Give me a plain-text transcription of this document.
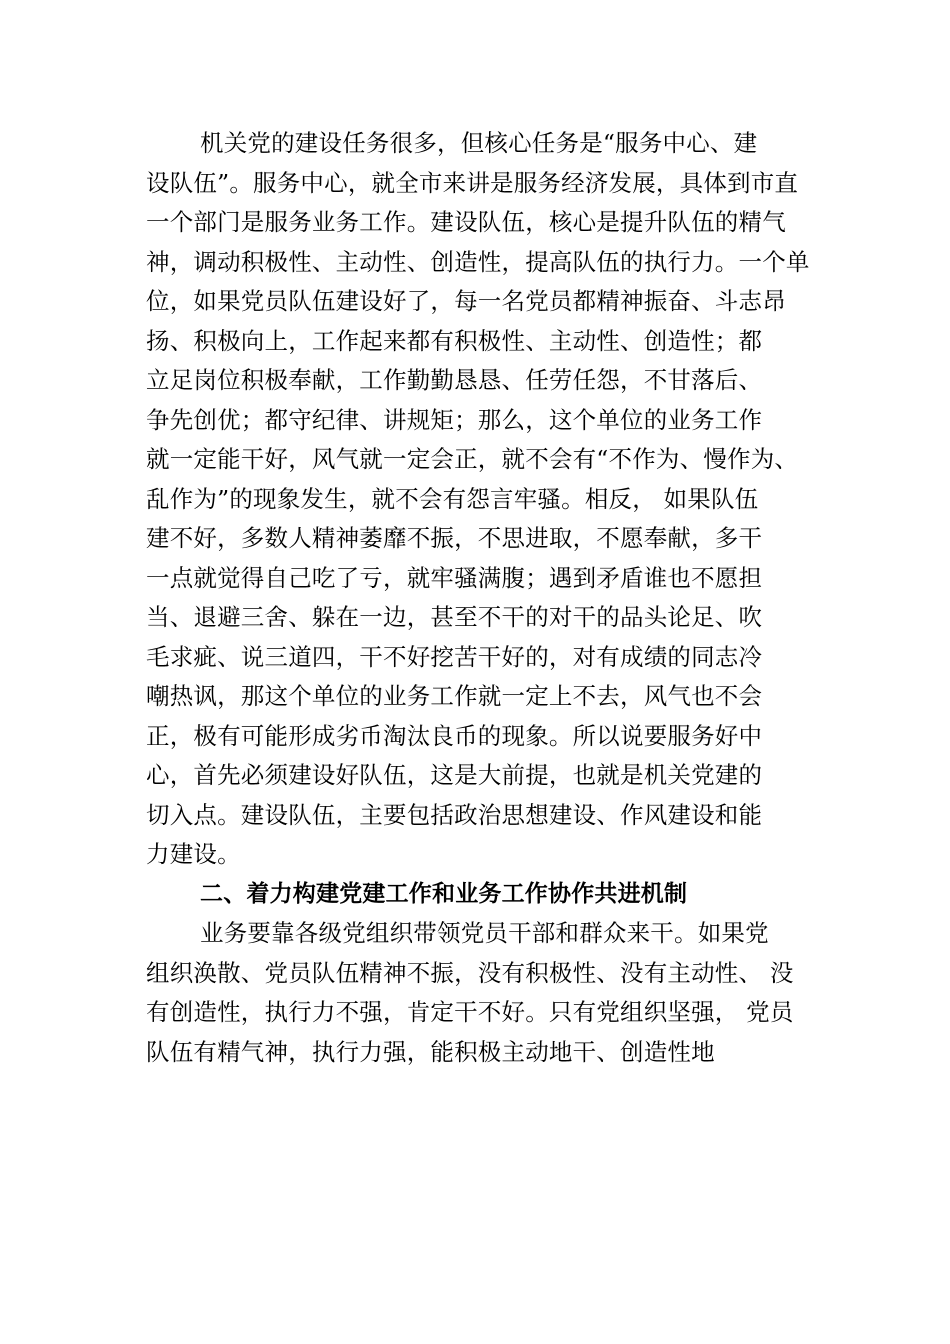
机关党的建设任务很多，但核心任务是“服务中心、建
设队伍”。服务中心，就全市来讲是服务经济发展，具体到市直
一个部门是服务业务工作。建设队伍，核心是提升队伍的精气
神，调动积极性、主动性、创造性，提高队伍的执行力。一个单
位，如果党员队伍建设好了，每一名党员都精神振奋、斗志昂
扬、积极向上，工作起来都有积极性、主动性、创造性；都
立足岗位积极奉献，工作勤勤恳恳、任劳任怨，不甘落后、
争先创优；都守纪律、讲规矩；那么，这个单位的业务工作
就一定能干好，风气就一定会正，就不会有“不作为、慢作为、
乱作为”的现象发生，就不会有怨言牢骚。相反， 如果队伍
建不好，多数人精神萎靡不振，不思进取，不愿奉献，多干
一点就觉得自己吃了亏，就牢骚满腹；遇到矛盾谁也不愿担
当、退避三舍、躲在一边，甚至不干的对干的品头论足、吹
毛求疵、说三道四，干不好挖苦干好的，对有成绩的同志冷
嘲热讽，那这个单位的业务工作就一定上不去，风气也不会
正，极有可能形成劣币淘汰良币的现象。所以说要服务好中
心，首先必须建设好队伍，这是大前提，也就是机关党建的
切入点。建设队伍，主要包括政治思想建设、作风建设和能
力建设。
二、着力构建党建工作和业务工作协作共进机制
业务要靠各级党组织带领党员干部和群众来干。如果党
组织涣散、党员队伍精神不振，没有积极性、没有主动性、 没
有创造性，执行力不强，肯定干不好。只有党组织坚强， 党员
队伍有精气神，执行力强，能积极主动地干、创造性地
